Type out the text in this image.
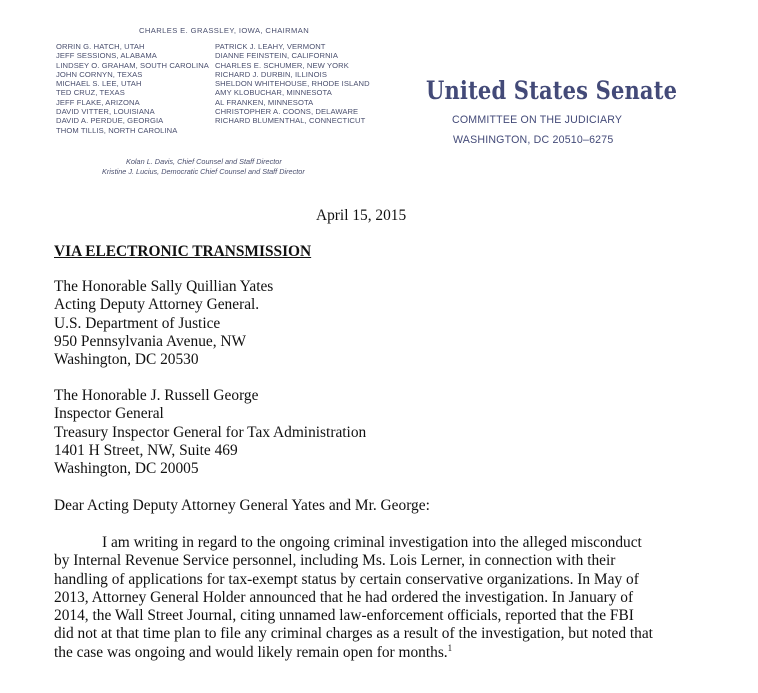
CHARLES E. GRASSLEY, IOWA, CHAIRMAN
ORRIN G. HATCH, UTAH
JEFF SESSIONS, ALABAMA
LINDSEY O. GRAHAM, SOUTH CAROLINA
JOHN CORNYN, TEXAS
MICHAEL S. LEE, UTAH
TED CRUZ, TEXAS
JEFF FLAKE, ARIZONA
DAVID VITTER, LOUISIANA
DAVID A. PERDUE, GEORGIA
THOM TILLIS, NORTH CAROLINA
PATRICK J. LEAHY, VERMONT
DIANNE FEINSTEIN, CALIFORNIA
CHARLES E. SCHUMER, NEW YORK
RICHARD J. DURBIN, ILLINOIS
SHELDON WHITEHOUSE, RHODE ISLAND
AMY KLOBUCHAR, MINNESOTA
AL FRANKEN, MINNESOTA
CHRISTOPHER A. COONS, DELAWARE
RICHARD BLUMENTHAL, CONNECTICUT
Kolan L. Davis, Chief Counsel and Staff Director
Kristine J. Lucius, Democratic Chief Counsel and Staff Director
United States Senate
COMMITTEE ON THE JUDICIARY
WASHINGTON, DC 20510–6275
April 15, 2015
VIA ELECTRONIC TRANSMISSION
The Honorable Sally Quillian Yates
Acting Deputy Attorney General.
U.S. Department of Justice
950 Pennsylvania Avenue, NW
Washington, DC 20530
The Honorable J. Russell George
Inspector General
Treasury Inspector General for Tax Administration
1401 H Street, NW, Suite 469
Washington, DC 20005
Dear Acting Deputy Attorney General Yates and Mr. George:
I am writing in regard to the ongoing criminal investigation into the alleged misconduct
by Internal Revenue Service personnel, including Ms. Lois Lerner, in connection with their
handling of applications for tax-exempt status by certain conservative organizations. In May of
2013, Attorney General Holder announced that he had ordered the investigation. In January of
2014, the Wall Street Journal, citing unnamed law-enforcement officials, reported that the FBI
did not at that time plan to file any criminal charges as a result of the investigation, but noted that
the case was ongoing and would likely remain open for months.$^1$
